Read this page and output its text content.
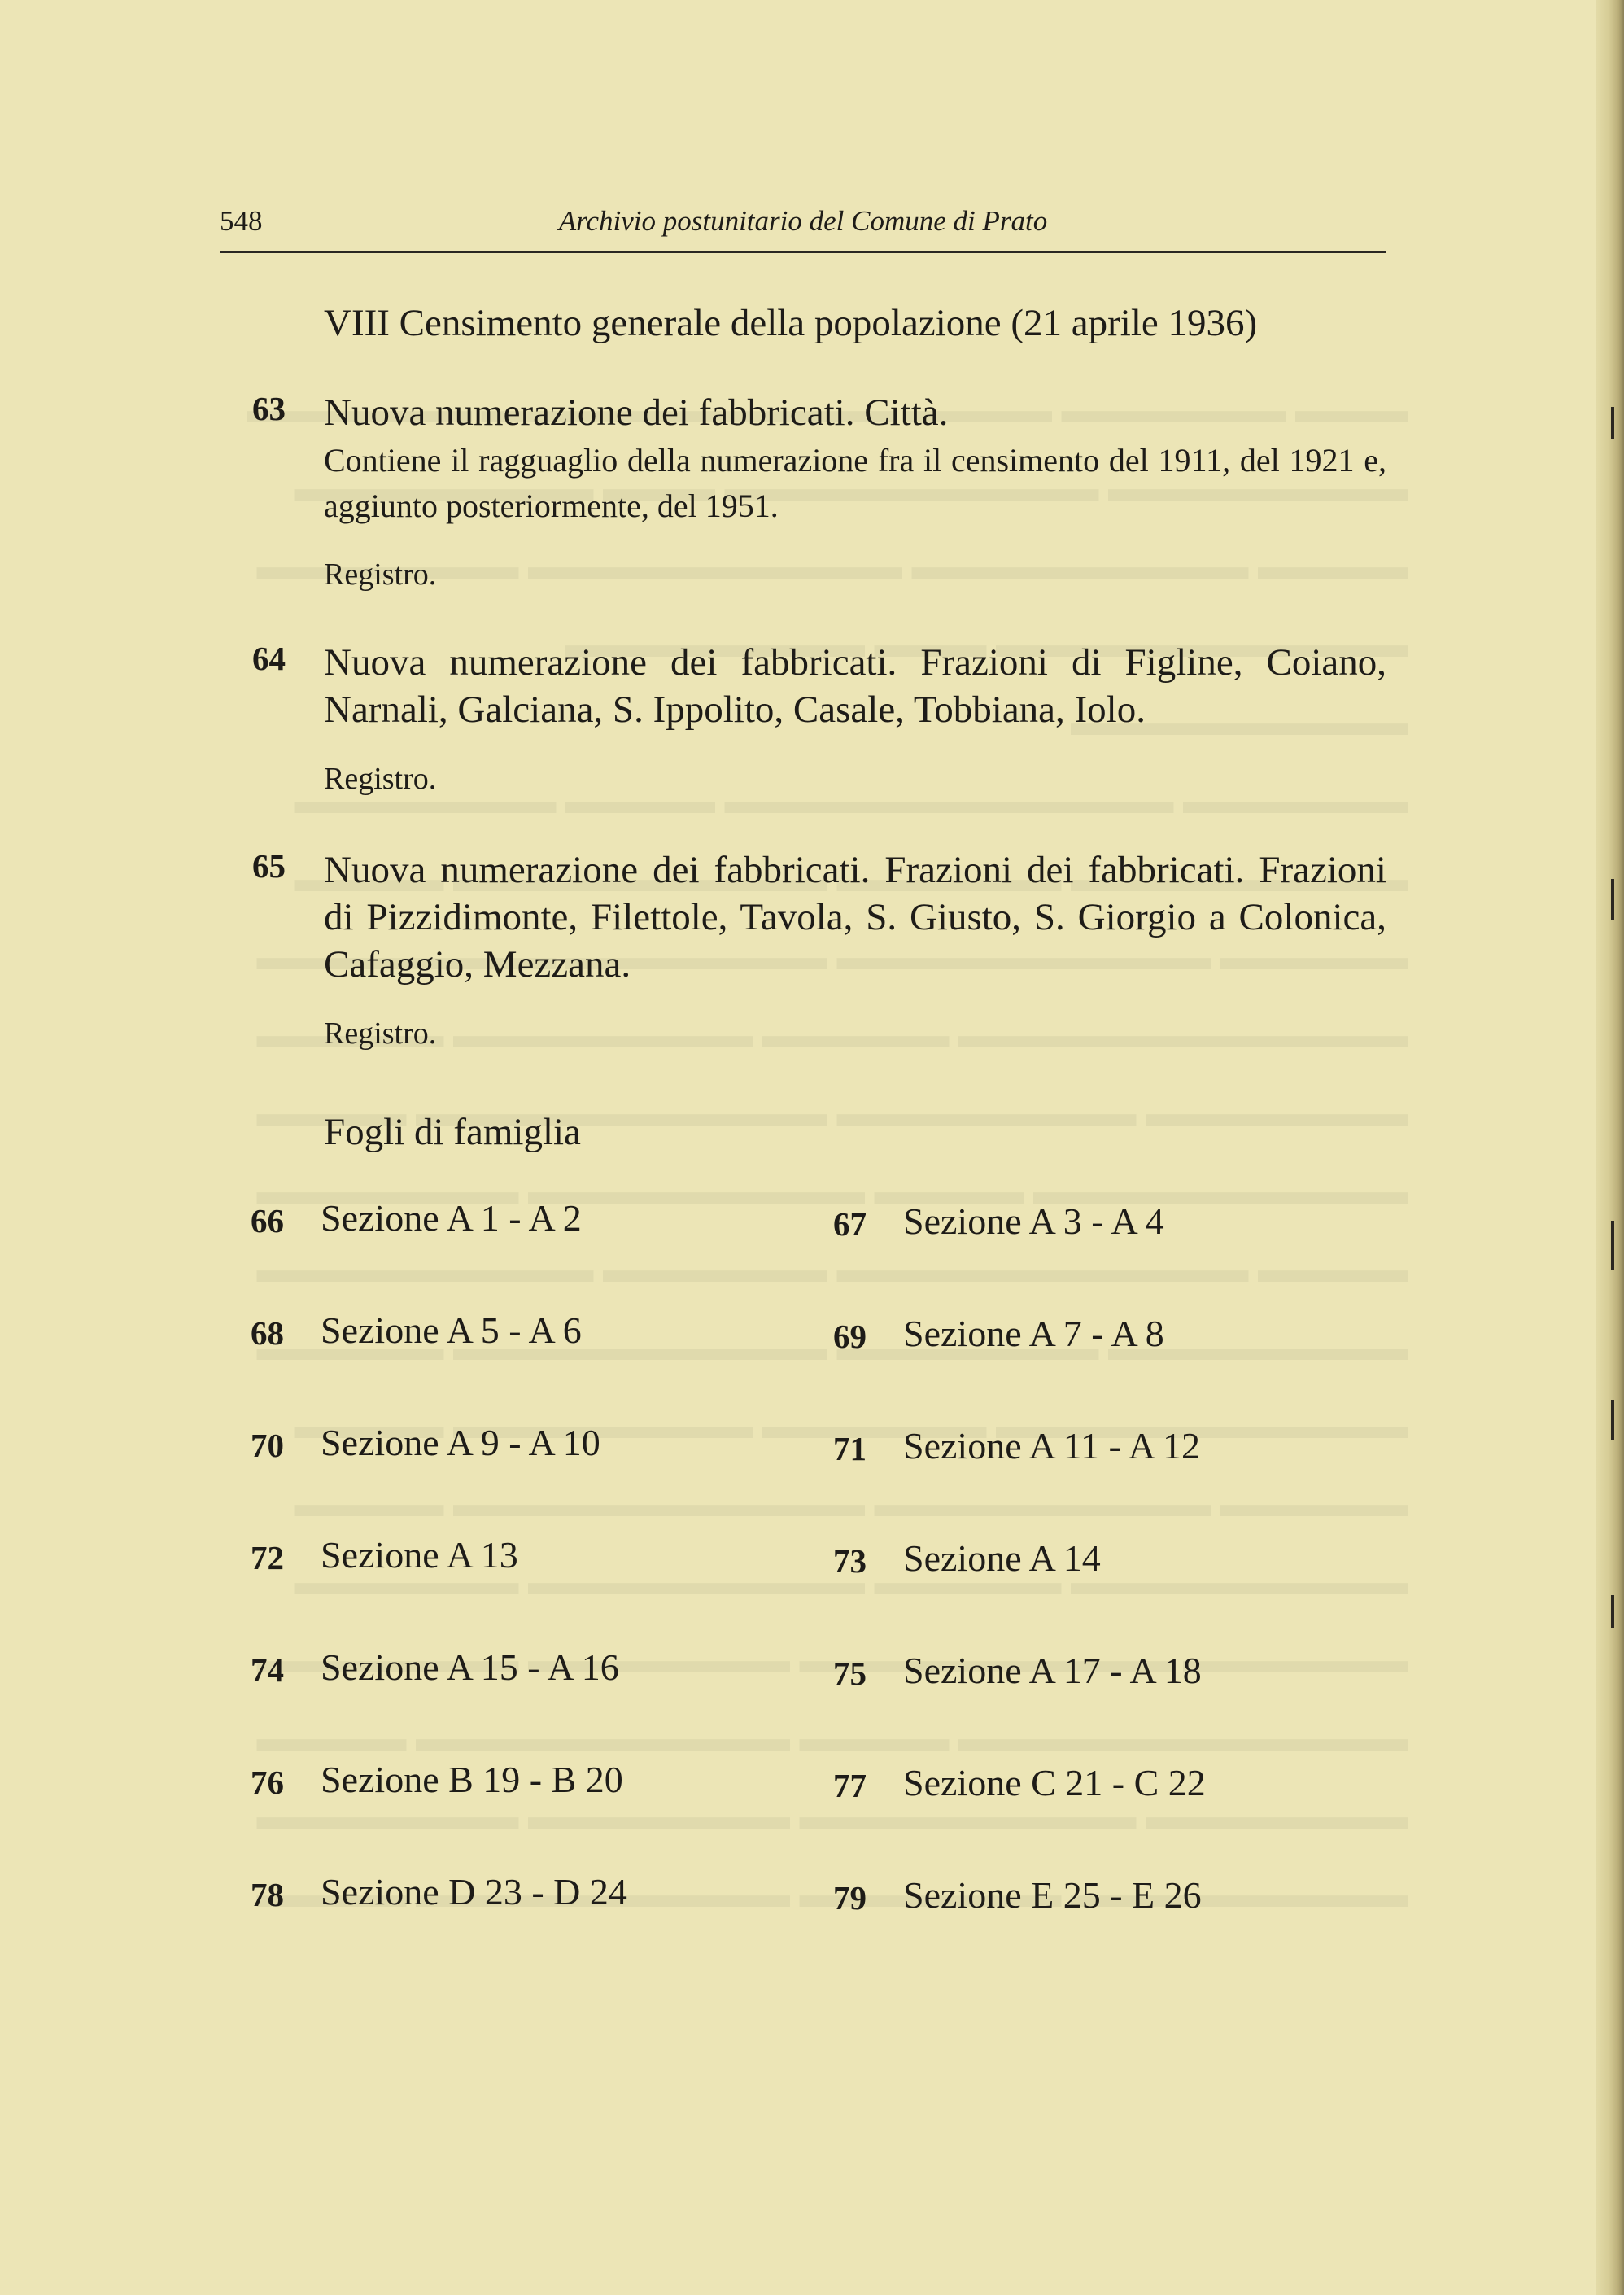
548	Archivio postunitario del Comune di Prato
VIII Censimento generale della popolazione (21 aprile 1936)
63	Nuova numerazione dei fabbricati. Città.
Contiene il ragguaglio della numerazione fra il censimento del 1911, del 1921 e, aggiunto posteriormente, del 1951.
Registro.
64	Nuova numerazione dei fabbricati. Frazioni di Figline, Coiano, Narnali, Galciana, S. Ippolito, Casale, Tobbiana, Iolo.
Registro.
65	Nuova numerazione dei fabbricati. Frazioni dei fabbricati. Frazioni di Pizzidimonte, Filettole, Tavola, S. Giusto, S. Giorgio a Colonica, Cafaggio, Mezzana.
Registro.
Fogli di famiglia
66 Sezione A 1 - A 2	67 Sezione A 3 - A 4
68 Sezione A 5 - A 6	69 Sezione A 7 - A 8
70 Sezione A 9 - A 10	71 Sezione A 11 - A 12
72 Sezione A 13	73 Sezione A 14
74 Sezione A 15 - A 16	75 Sezione A 17 - A 18
76 Sezione B 19 - B 20	77 Sezione C 21 - C 22
78 Sezione D 23 - D 24	79 Sezione E 25 - E 26
